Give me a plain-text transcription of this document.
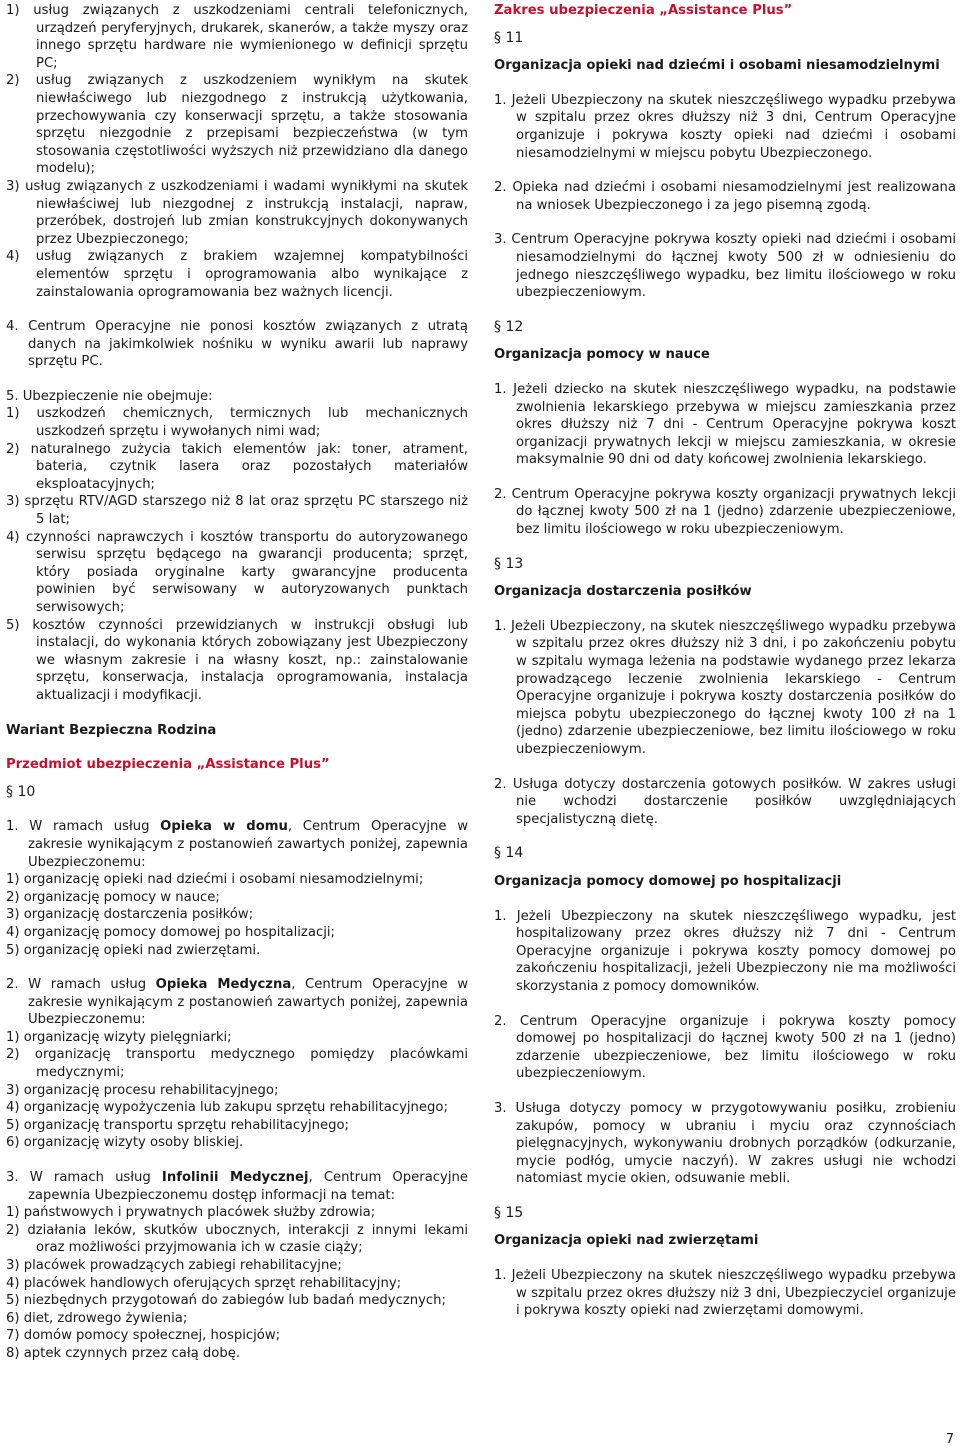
1) usług związanych z uszkodzeniami centrali telefonicznych, urządzeń peryferyjnych, drukarek, skanerów, a także myszy oraz innego sprzętu hardware nie wymienionego w definicji sprzętu PC;
2) usług związanych z uszkodzeniem wynikłym na skutek niewłaściwego lub niezgodnego z instrukcją użytkowania, przechowywania czy konserwacji sprzętu, a także stosowania sprzętu niezgodnie z przepisami bezpieczeństwa (w tym stosowania częstotliwości wyższych niż przewidziano dla danego modelu);
3) usług związanych z uszkodzeniami i wadami wynikłymi na skutek niewłaściwej lub niezgodnej z instrukcją instalacji, napraw, przeróbek, dostrojeń lub zmian konstrukcyjnych dokonywanych przez Ubezpieczonego;
4) usług związanych z brakiem wzajemnej kompatybilności elementów sprzętu i oprogramowania albo wynikające z zainstalowania oprogramowania bez ważnych licencji.
4. Centrum Operacyjne nie ponosi kosztów związanych z utratą danych na jakimkolwiek nośniku w wyniku awarii lub naprawy sprzętu PC.
5. Ubezpieczenie nie obejmuje:
1) uszkodzeń chemicznych, termicznych lub mechanicznych uszkodzeń sprzętu i wywołanych nimi wad;
2) naturalnego zużycia takich elementów jak: toner, atrament, bateria, czytnik lasera oraz pozostałych materiałów eksploatacyjnych;
3) sprzętu RTV/AGD starszego niż 8 lat oraz sprzętu PC starszego niż 5 lat;
4) czynności naprawczych i kosztów transportu do autoryzowanego serwisu sprzętu będącego na gwarancji producenta; sprzęt, który posiada oryginalne karty gwarancyjne producenta powinien być serwisowany w autoryzowanych punktach serwisowych;
5) kosztów czynności przewidzianych w instrukcji obsługi lub instalacji, do wykonania których zobowiązany jest Ubezpieczony we własnym zakresie i na własny koszt, np.: zainstalowanie sprzętu, konserwacja, instalacja oprogramowania, instalacja aktualizacji i modyfikacji.
Wariant Bezpieczna Rodzina
Przedmiot ubezpieczenia „Assistance Plus”
§ 10
1. W ramach usług Opieka w domu, Centrum Operacyjne w zakresie wynikającym z postanowień zawartych poniżej, zapewnia Ubezpieczonemu:
1) organizację opieki nad dziećmi i osobami niesamodzielnymi;
2) organizację pomocy w nauce;
3) organizację dostarczenia posiłków;
4) organizację pomocy domowej po hospitalizacji;
5) organizację opieki nad zwierzętami.
2. W ramach usług Opieka Medyczna, Centrum Operacyjne w zakresie wynikającym z postanowień zawartych poniżej, zapewnia Ubezpieczonemu:
1) organizację wizyty pielęgniarki;
2) organizację transportu medycznego pomiędzy placówkami medycznymi;
3) organizację procesu rehabilitacyjnego;
4) organizację wypożyczenia lub zakupu sprzętu rehabilitacyjnego;
5) organizację transportu sprzętu rehabilitacyjnego;
6) organizację wizyty osoby bliskiej.
3. W ramach usług Infolinii Medycznej, Centrum Operacyjne zapewnia Ubezpieczonemu dostęp informacji na temat:
1) państwowych i prywatnych placówek służby zdrowia;
2) działania leków, skutków ubocznych, interakcji z innymi lekami oraz możliwości przyjmowania ich w czasie ciąży;
3) placówek prowadzących zabiegi rehabilitacyjne;
4) placówek handlowych oferujących sprzęt rehabilitacyjny;
5) niezbędnych przygotowań do zabiegów lub badań medycznych;
6) diet, zdrowego żywienia;
7) domów pomocy społecznej, hospicjów;
8) aptek czynnych przez całą dobę.
Zakres ubezpieczenia „Assistance Plus”
§ 11
Organizacja opieki nad dziećmi i osobami niesamodzielnymi
1. Jeżeli Ubezpieczony na skutek nieszczęśliwego wypadku przebywa w szpitalu przez okres dłuższy niż 3 dni, Centrum Operacyjne organizuje i pokrywa koszty opieki nad dziećmi i osobami niesamodzielnymi w miejscu pobytu Ubezpieczonego.
2. Opieka nad dziećmi i osobami niesamodzielnymi jest realizowana na wniosek Ubezpieczonego i za jego pisemną zgodą.
3. Centrum Operacyjne pokrywa koszty opieki nad dziećmi i osobami niesamodzielnymi do łącznej kwoty 500 zł w odniesieniu do jednego nieszczęśliwego wypadku, bez limitu ilościowego w roku ubezpieczeniowym.
§ 12
Organizacja pomocy w nauce
1. Jeżeli dziecko na skutek nieszczęśliwego wypadku, na podstawie zwolnienia lekarskiego przebywa w miejscu zamieszkania przez okres dłuższy niż 7 dni - Centrum Operacyjne pokrywa koszt organizacji prywatnych lekcji w miejscu zamieszkania, w okresie maksymalnie 90 dni od daty końcowej zwolnienia lekarskiego.
2. Centrum Operacyjne pokrywa koszty organizacji prywatnych lekcji do łącznej kwoty 500 zł na 1 (jedno) zdarzenie ubezpieczeniowe, bez limitu ilościowego w roku ubezpieczeniowym.
§ 13
Organizacja dostarczenia posiłków
1. Jeżeli Ubezpieczony, na skutek nieszczęśliwego wypadku przebywa w szpitalu przez okres dłuższy niż 3 dni, i po zakończeniu pobytu w szpitalu wymaga leżenia na podstawie wydanego przez lekarza prowadzącego leczenie zwolnienia lekarskiego - Centrum Operacyjne organizuje i pokrywa koszty dostarczenia posiłków do miejsca pobytu ubezpieczonego do łącznej kwoty 100 zł na 1 (jedno) zdarzenie ubezpieczeniowe, bez limitu ilościowego w roku ubezpieczeniowym.
2. Usługa dotyczy dostarczenia gotowych posiłków. W zakres usługi nie wchodzi dostarczenie posiłków uwzględniających specjalistyczną dietę.
§ 14
Organizacja pomocy domowej po hospitalizacji
1. Jeżeli Ubezpieczony na skutek nieszczęśliwego wypadku, jest hospitalizowany przez okres dłuższy niż 7 dni - Centrum Operacyjne organizuje i pokrywa koszty pomocy domowej po zakończeniu hospitalizacji, jeżeli Ubezpieczony nie ma możliwości skorzystania z pomocy domowników.
2. Centrum Operacyjne organizuje i pokrywa koszty pomocy domowej po hospitalizacji do łącznej kwoty 500 zł na 1 (jedno) zdarzenie ubezpieczeniowe, bez limitu ilościowego w roku ubezpieczeniowym.
3. Usługa dotyczy pomocy w przygotowywaniu posiłku, zrobieniu zakupów, pomocy w ubraniu i myciu oraz czynnościach pielęgnacyjnych, wykonywaniu drobnych porządków (odkurzanie, mycie podłóg, umycie naczyń). W zakres usługi nie wchodzi natomiast mycie okien, odsuwanie mebli.
§ 15
Organizacja opieki nad zwierzętami
1. Jeżeli Ubezpieczony na skutek nieszczęśliwego wypadku przebywa w szpitalu przez okres dłuższy niż 3 dni, Ubezpieczyciel organizuje i pokrywa koszty opieki nad zwierzętami domowymi.
7
